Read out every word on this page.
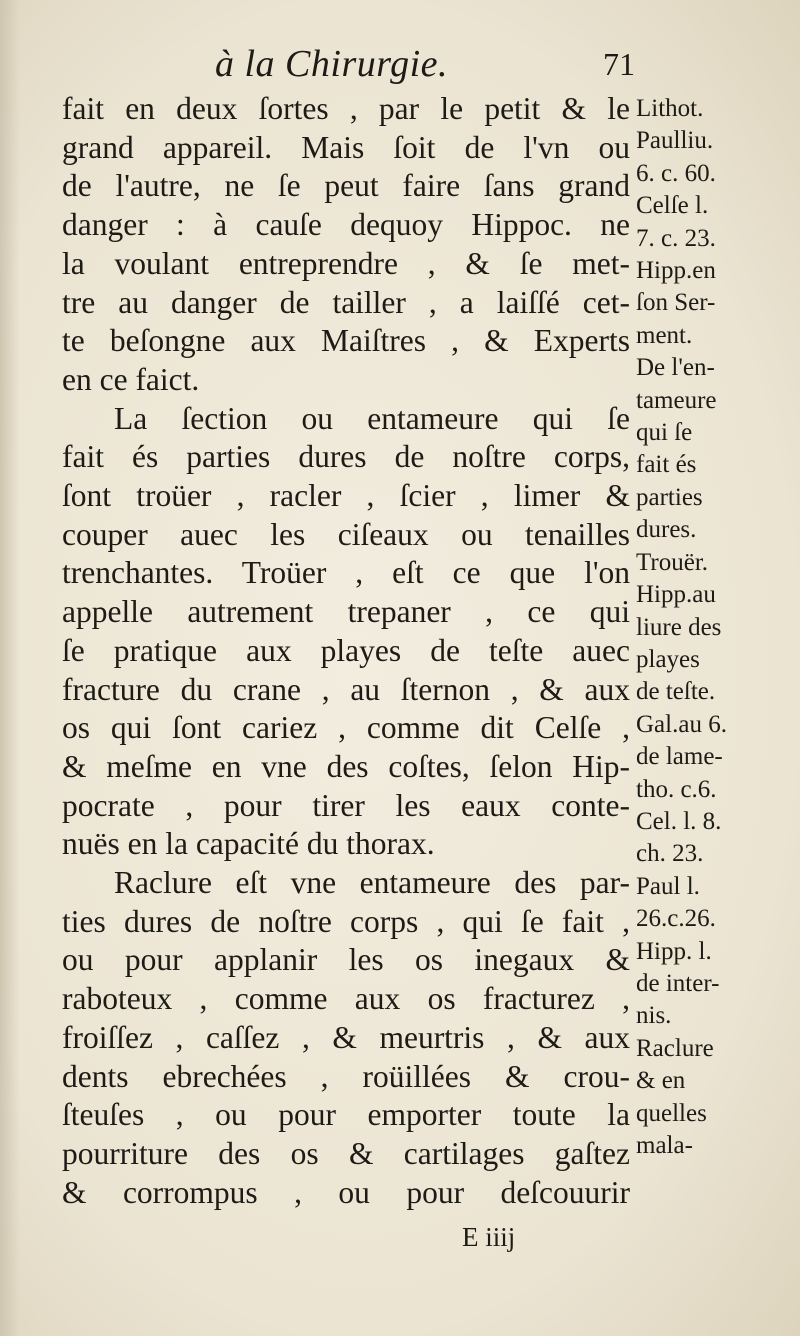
à la Chirurgie.	71
fait en deux ſortes , par le petit & le
grand appareil. Mais ſoit de l'vn ou
de l'autre, ne ſe peut faire ſans grand
danger : à cauſe dequoy Hippoc. ne
la voulant entreprendre , & ſe met-
tre au danger de tailler , a laiſſé cet-
te beſongne aux Maiſtres , & Experts
en ce faict.
La ſection ou entameure qui ſe
fait és parties dures de noſtre corps,
ſont troüer , racler , ſcier , limer &
couper auec les ciſeaux ou tenailles
trenchantes. Troüer , eſt ce que l'on
appelle autrement trepaner , ce qui
ſe pratique aux playes de teſte auec
fracture du crane , au ſternon , & aux
os qui ſont cariez , comme dit Celſe ,
& meſme en vne des coſtes, ſelon Hip-
pocrate , pour tirer les eaux conte-
nuës en la capacité du thorax.
Raclure eſt vne entameure des par-
ties dures de noſtre corps , qui ſe fait ,
ou pour applanir les os inegaux &
raboteux , comme aux os fracturez ,
froiſſez , caſſez , & meurtris , & aux
dents ebrechées , roüillées & crou-
ſteuſes , ou pour emporter toute la
pourriture des os & cartilages gaſtez
& corrompus , ou pour deſcouurir
Lithot.
Paulliu.
6. c. 60.
Celſe l.
7. c. 23.
Hipp.en
ſon Ser-
ment.
De l'en-
tameure
qui ſe
fait és
parties
dures.
Trouër.
Hipp.au
liure des
playes
de teſte.
Gal.au 6.
de lame-
tho. c.6.
Cel. l. 8.
ch. 23.
Paul l.
26.c.26.
Hipp. l.
de inter-
nis.
Raclure
& en
quelles
mala-
E iiij
